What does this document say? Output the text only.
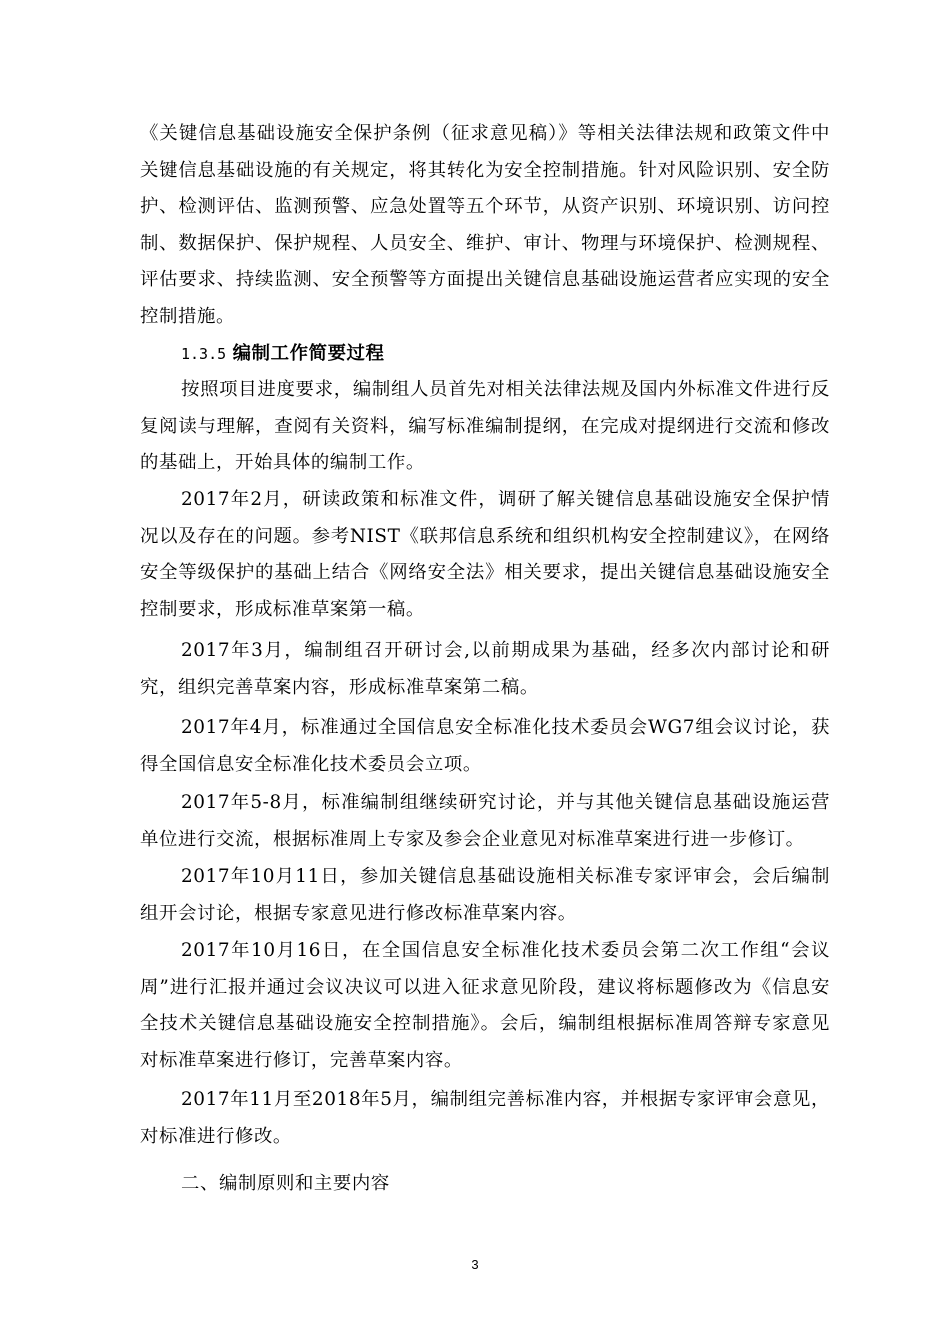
《关键信息基础设施安全保护条例（征求意见稿）》等相关法律法规和政策文件中关键信息基础设施的有关规定，将其转化为安全控制措施。针对风险识别、安全防护、检测评估、监测预警、应急处置等五个环节，从资产识别、环境识别、访问控制、数据保护、保护规程、人员安全、维护、审计、物理与环境保护、检测规程、评估要求、持续监测、安全预警等方面提出关键信息基础设施运营者应实现的安全控制措施。

1.3.5 编制工作简要过程

按照项目进度要求，编制组人员首先对相关法律法规及国内外标准文件进行反复阅读与理解，查阅有关资料，编写标准编制提纲，在完成对提纲进行交流和修改的基础上，开始具体的编制工作。

2017年2月，研读政策和标准文件，调研了解关键信息基础设施安全保护情况以及存在的问题。参考NIST《联邦信息系统和组织机构安全控制建议》，在网络安全等级保护的基础上结合《网络安全法》相关要求，提出关键信息基础设施安全控制要求，形成标准草案第一稿。

2017年3月，编制组召开研讨会,以前期成果为基础，经多次内部讨论和研究，组织完善草案内容，形成标准草案第二稿。

2017年4月，标准通过全国信息安全标准化技术委员会WG7组会议讨论，获得全国信息安全标准化技术委员会立项。

2017年5-8月，标准编制组继续研究讨论，并与其他关键信息基础设施运营单位进行交流，根据标准周上专家及参会企业意见对标准草案进行进一步修订。

2017年10月11日，参加关键信息基础设施相关标准专家评审会，会后编制组开会讨论，根据专家意见进行修改标准草案内容。

2017年10月16日，在全国信息安全标准化技术委员会第二次工作组“会议周”进行汇报并通过会议决议可以进入征求意见阶段，建议将标题修改为《信息安全技术关键信息基础设施安全控制措施》。会后，编制组根据标准周答辩专家意见对标准草案进行修订，完善草案内容。

2017年11月至2018年5月，编制组完善标准内容，并根据专家评审会意见，对标准进行修改。

二、编制原则和主要内容
3
